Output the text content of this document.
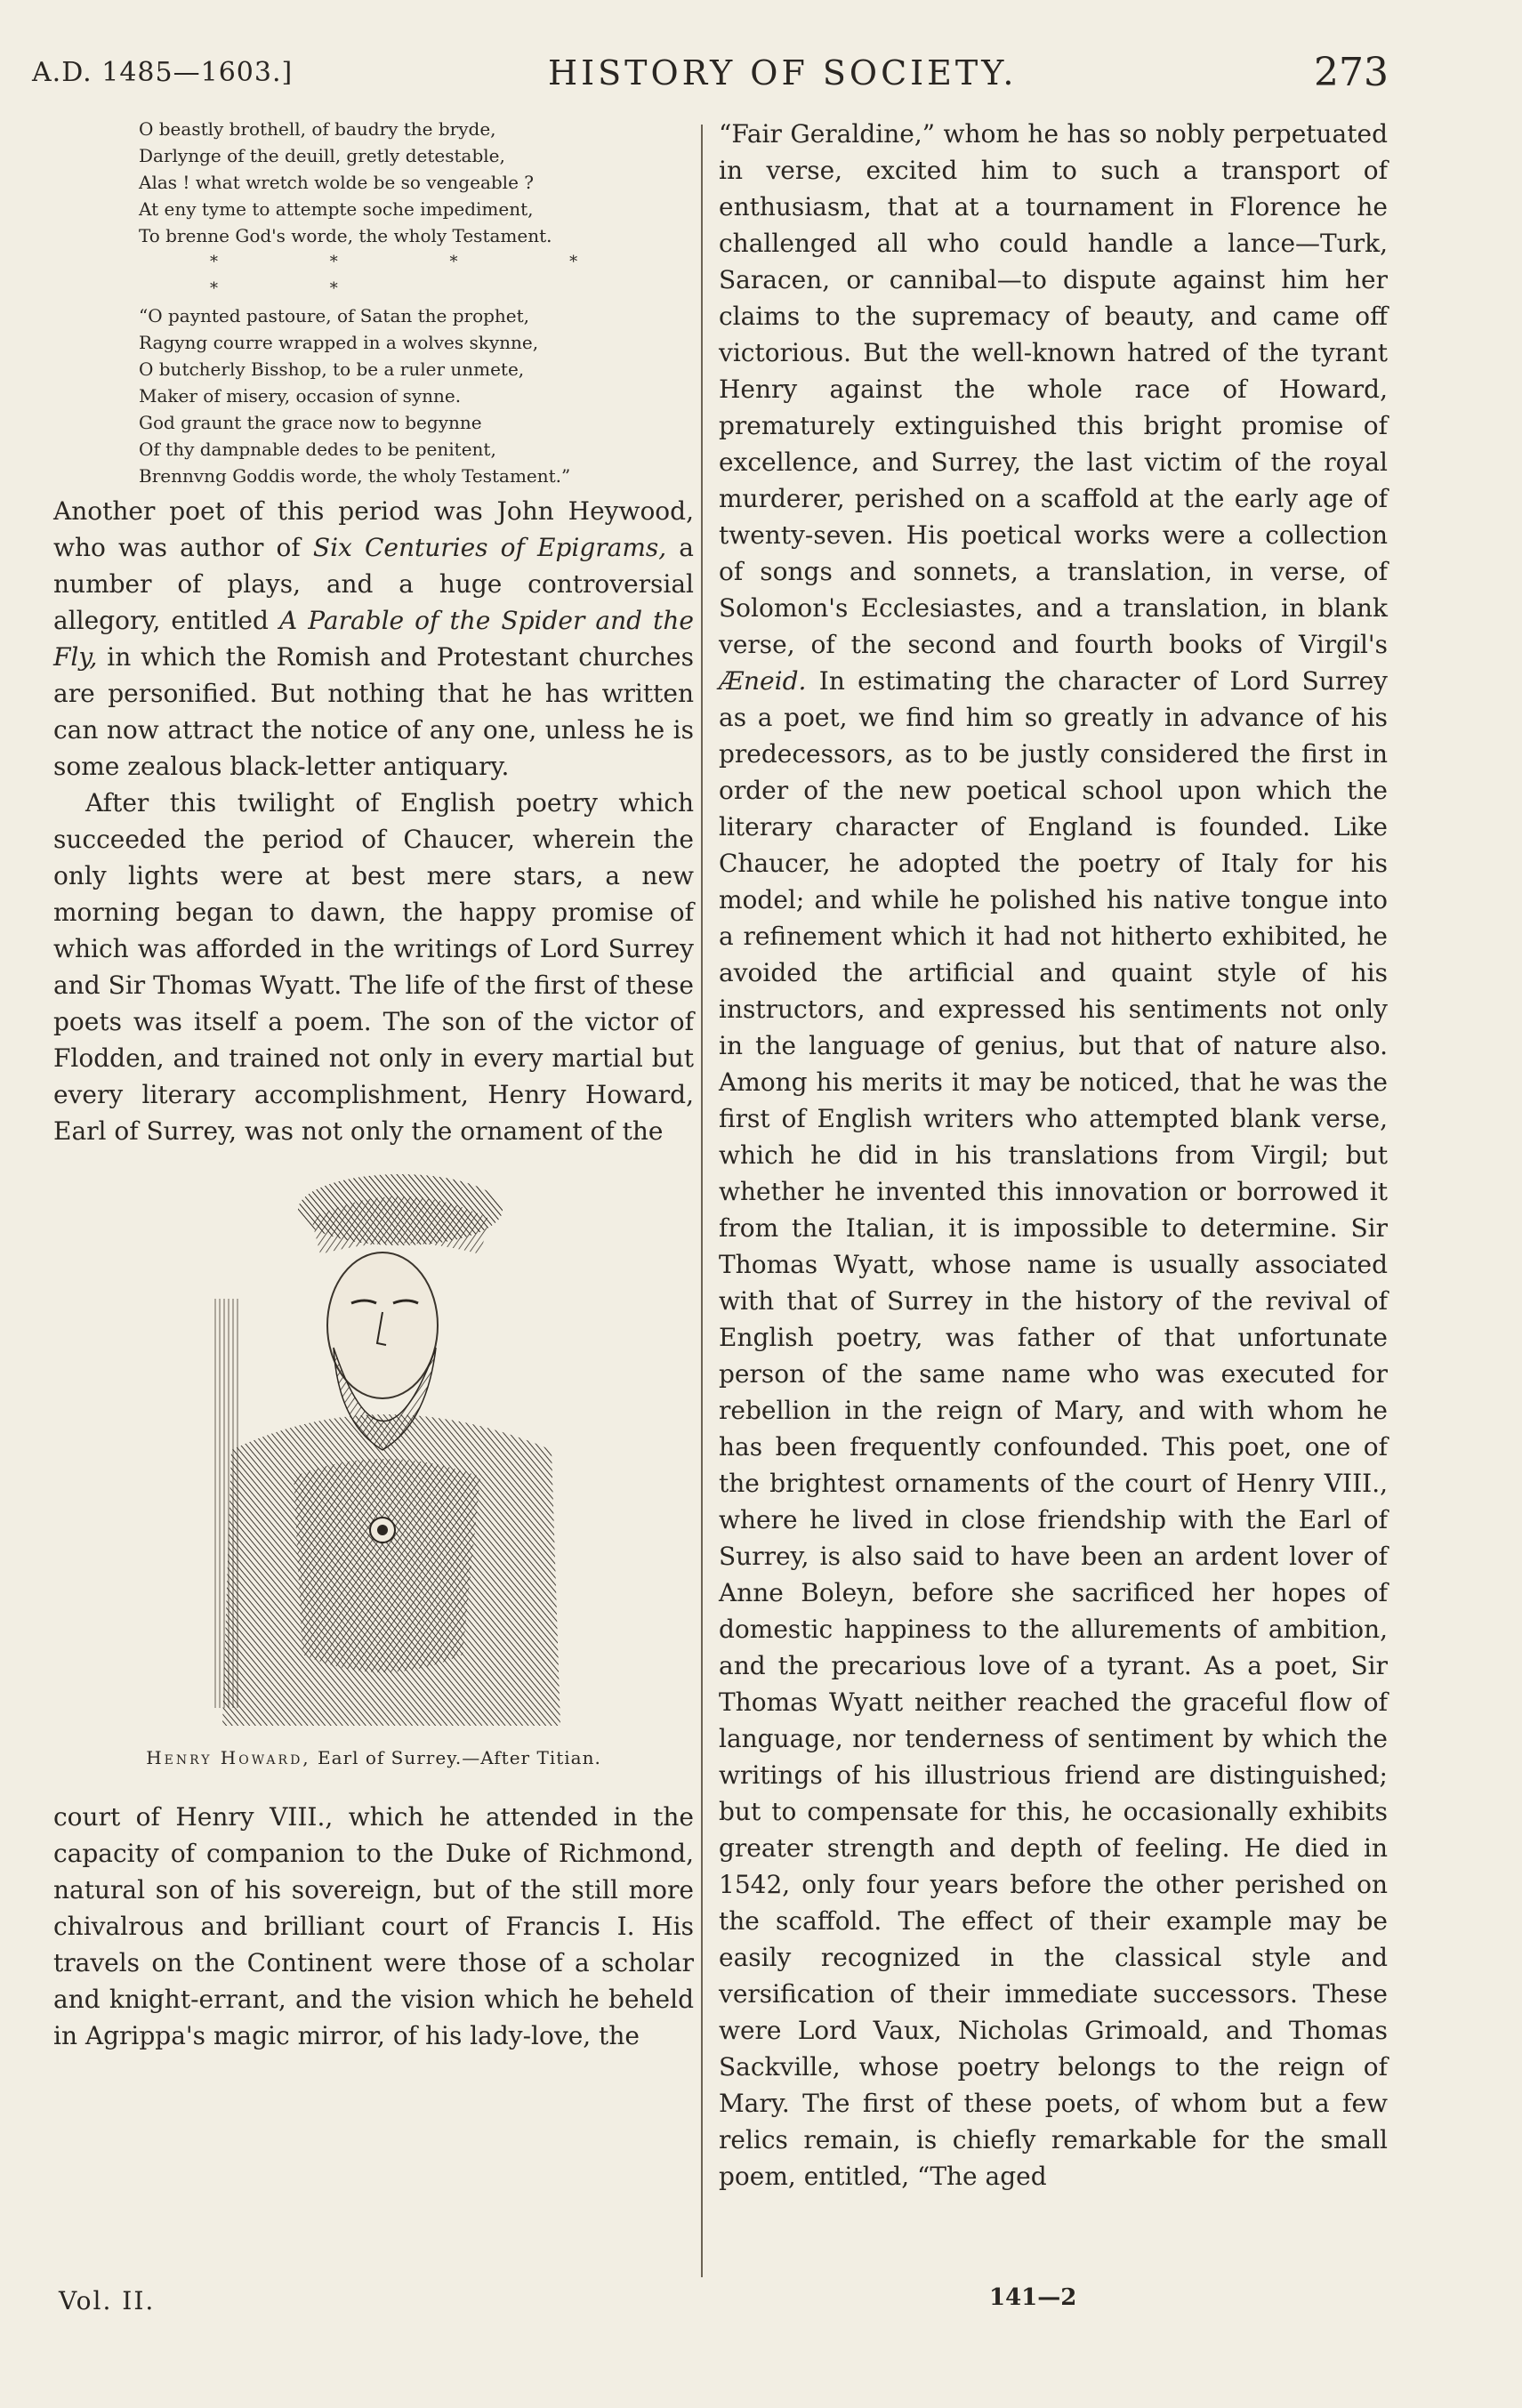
A.D. 1485—1603.]	HISTORY OF SOCIETY.	273

O beastly brothell, of baudry the bryde,

Darlynge of the deuill, gretly detestable,

Alas ! what wretch wolde be so vengeable ?

At eny tyme to attempte soche impediment,

To brenne God's worde, the wholy Testament.

* * * * * *

“O paynted pastoure, of Satan the prophet,

Ragyng courre wrapped in a wolves skynne,

O butcherly Bisshop, to be a ruler unmete,

Maker of misery, occasion of synne.

God graunt the grace now to begynne

Of thy dampnable dedes to be penitent,

Brennvng Goddis worde, the wholy Testament.”

Another poet of this period was John Heywood, who was author of Six Centuries of Epigrams, a number of plays, and a huge controversial allegory, entitled A Parable of the Spider and the Fly, in which the Romish and Protestant churches are personified. But nothing that he has written can now attract the notice of any one, unless he is some zealous black-letter antiquary.

After this twilight of English poetry which succeeded the period of Chaucer, wherein the only lights were at best mere stars, a new morning began to dawn, the happy promise of which was afforded in the writings of Lord Surrey and Sir Thomas Wyatt. The life of the first of these poets was itself a poem. The son of the victor of Flodden, and trained not only in every martial but every literary accomplishment, Henry Howard, Earl of Surrey, was not only the ornament of the

Henry Howard, Earl of Surrey.—After Titian.

court of Henry VIII., which he attended in the capacity of companion to the Duke of Richmond, natural son of his sovereign, but of the still more chivalrous and brilliant court of Francis I. His travels on the Continent were those of a scholar and knight-errant, and the vision which he beheld in Agrippa's magic mirror, of his lady-love, the

“Fair Geraldine,” whom he has so nobly perpetuated in verse, excited him to such a transport of enthusiasm, that at a tournament in Florence he challenged all who could handle a lance—Turk, Saracen, or cannibal—to dispute against him her claims to the supremacy of beauty, and came off victorious. But the well-known hatred of the tyrant Henry against the whole race of Howard, prematurely extinguished this bright promise of excellence, and Surrey, the last victim of the royal murderer, perished on a scaffold at the early age of twenty-seven. His poetical works were a collection of songs and sonnets, a translation, in verse, of Solomon's Ecclesiastes, and a translation, in blank verse, of the second and fourth books of Virgil's Æneid. In estimating the character of Lord Surrey as a poet, we find him so greatly in advance of his predecessors, as to be justly considered the first in order of the new poetical school upon which the literary character of England is founded. Like Chaucer, he adopted the poetry of Italy for his model; and while he polished his native tongue into a refinement which it had not hitherto exhibited, he avoided the artificial and quaint style of his instructors, and expressed his sentiments not only in the language of genius, but that of nature also. Among his merits it may be noticed, that he was the first of English writers who attempted blank verse, which he did in his translations from Virgil; but whether he invented this innovation or borrowed it from the Italian, it is impossible to determine. Sir Thomas Wyatt, whose name is usually associated with that of Surrey in the history of the revival of English poetry, was father of that unfortunate person of the same name who was executed for rebellion in the reign of Mary, and with whom he has been frequently confounded. This poet, one of the brightest ornaments of the court of Henry VIII., where he lived in close friendship with the Earl of Surrey, is also said to have been an ardent lover of Anne Boleyn, before she sacrificed her hopes of domestic happiness to the allurements of ambition, and the precarious love of a tyrant. As a poet, Sir Thomas Wyatt neither reached the graceful flow of language, nor tenderness of sentiment by which the writings of his illustrious friend are distinguished; but to compensate for this, he occasionally exhibits greater strength and depth of feeling. He died in 1542, only four years before the other perished on the scaffold. The effect of their example may be easily recognized in the classical style and versification of their immediate successors. These were Lord Vaux, Nicholas Grimoald, and Thomas Sackville, whose poetry belongs to the reign of Mary. The first of these poets, of whom but a few relics remain, is chiefly remarkable for the small poem, entitled, “The aged

Vol. II.	141—2
